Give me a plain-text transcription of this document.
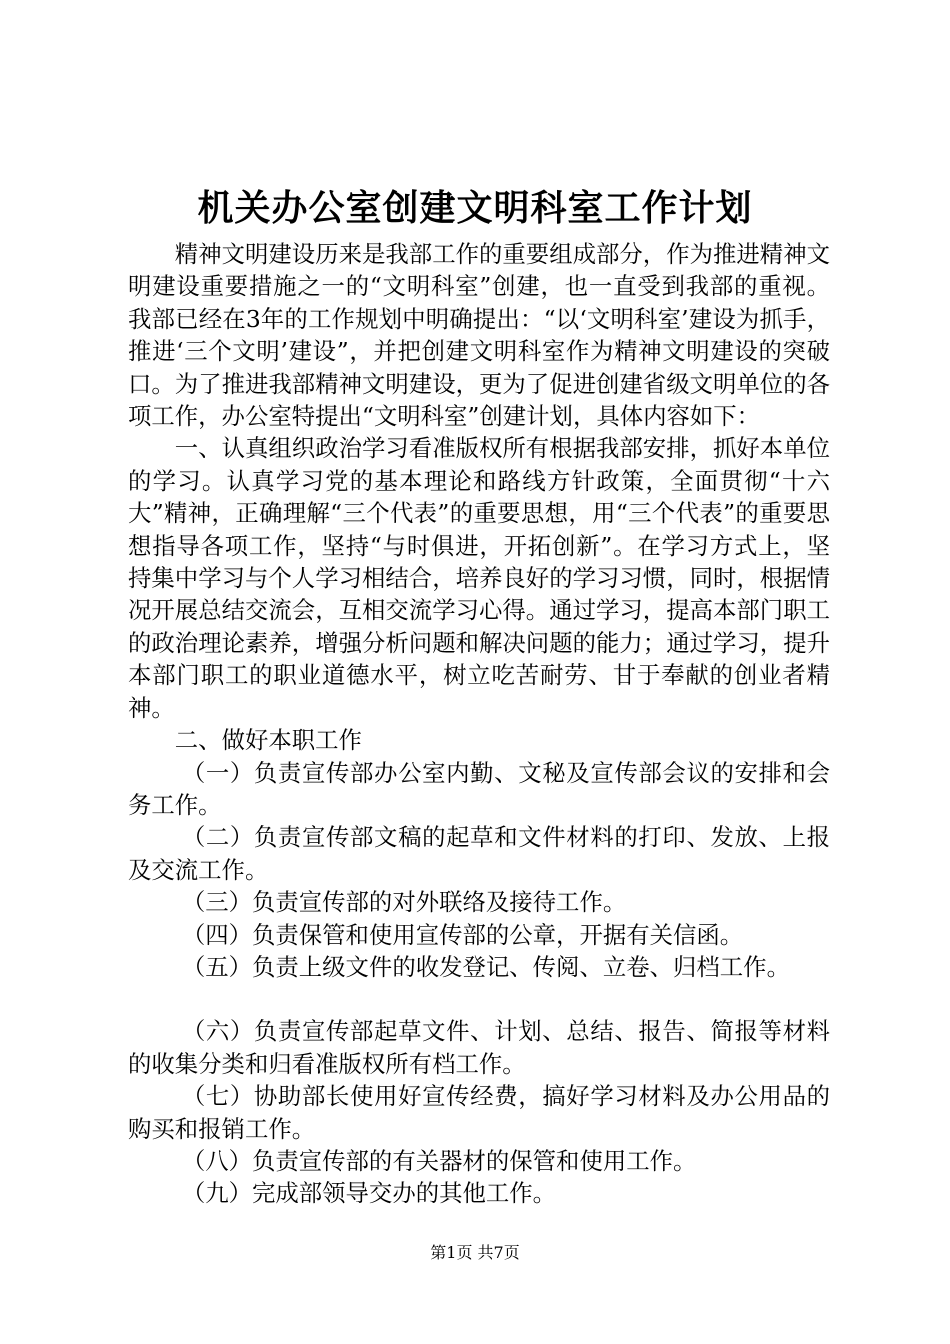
机关办公室创建文明科室工作计划

精神文明建设历来是我部工作的重要组成部分，作为推进精神文明建设重要措施之一的“文明科室”创建，也一直受到我部的重视。我部已经在3年的工作规划中明确提出：“以‘文明科室’建设为抓手，推进‘三个文明’建设”，并把创建文明科室作为精神文明建设的突破口。为了推进我部精神文明建设，更为了促进创建省级文明单位的各项工作，办公室特提出“文明科室”创建计划，具体内容如下：

一、认真组织政治学习看准版权所有根据我部安排，抓好本单位的学习。认真学习党的基本理论和路线方针政策，全面贯彻“十六大”精神，正确理解“三个代表”的重要思想，用“三个代表”的重要思想指导各项工作，坚持“与时俱进，开拓创新”。在学习方式上，坚持集中学习与个人学习相结合，培养良好的学习习惯，同时，根据情况开展总结交流会，互相交流学习心得。通过学习，提高本部门职工的政治理论素养，增强分析问题和解决问题的能力；通过学习，提升本部门职工的职业道德水平，树立吃苦耐劳、甘于奉献的创业者精神。

二、做好本职工作

（一）负责宣传部办公室内勤、文秘及宣传部会议的安排和会务工作。

（二）负责宣传部文稿的起草和文件材料的打印、发放、上报及交流工作。

（三）负责宣传部的对外联络及接待工作。

（四）负责保管和使用宣传部的公章，开据有关信函。

（五）负责上级文件的收发登记、传阅、立卷、归档工作。

（六）负责宣传部起草文件、计划、总结、报告、简报等材料的收集分类和归看准版权所有档工作。

（七）协助部长使用好宣传经费，搞好学习材料及办公用品的购买和报销工作。

（八）负责宣传部的有关器材的保管和使用工作。

（九）完成部领导交办的其他工作。

第1页 共7页
